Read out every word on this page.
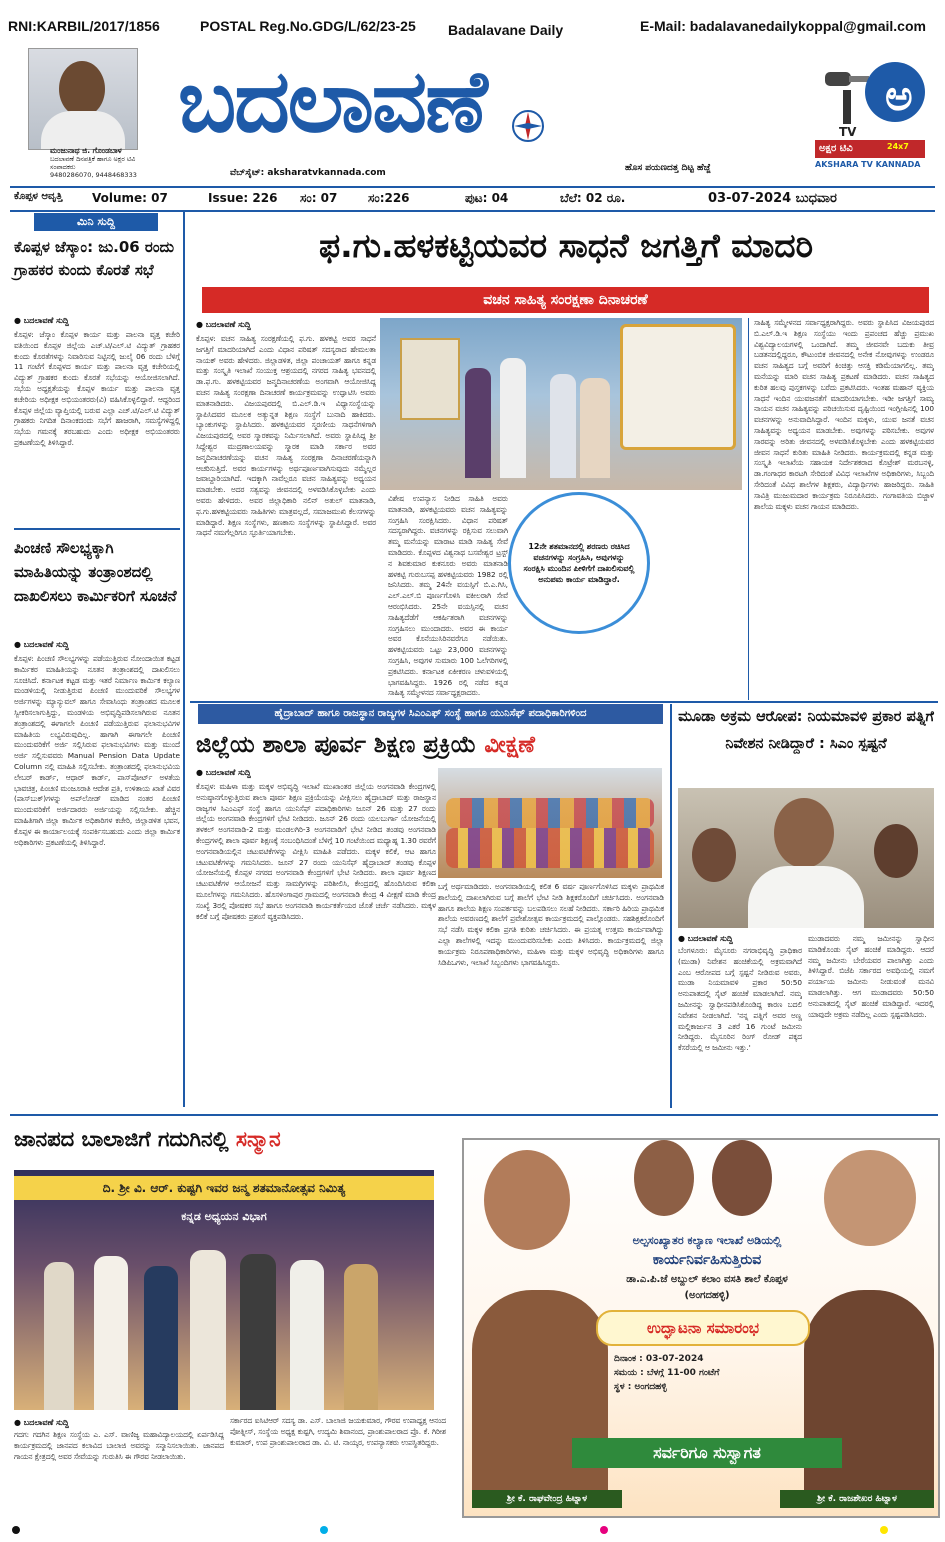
RNI:KARBIL/2017/1856	POSTAL Reg.No.GDG/L/62/23-25 Badalavane Daily	E-Mail: badalavanedailykoppal@gmail.com
ಮಂಜುನಾಥ ಜಿ. ಗೊಂಡಬಾಳ
ಬದಲಾವಣೆ ದಿನಪತ್ರಿಕೆ ಹಾಗೂ ಅಕ್ಷರ ಟಿವಿ ಸಂಪಾದಕರು
9480286070, 9448468333
ಬದಲಾವಣೆ
ವೆಬ್‌ಸೈಟ್: aksharatvkannada.com	ಹೊಸ ಪಯಣದತ್ತ ದಿಟ್ಟ ಹೆಜ್ಜೆ
ಅ
TV
ಅಕ್ಷರ ಟಿವಿ	24x7
AKSHARA TV KANNADA
ಕೊಪ್ಪಳ ಆವೃತ್ತಿ Volume: 07	Issue: 226 ಸಂ: 07	ಸಂ:226	ಪುಟ: 04	ಬೆಲೆ: 02 ರೂ.	03-07-2024 ಬುಧವಾರ
ಮಿನಿ ಸುದ್ದಿ
ಕೊಪ್ಪಳ ಜೆಸ್ಕಾಂ: ಜು.06 ರಂದು ಗ್ರಾಹಕರ ಕುಂದು ಕೊರತೆ ಸಭೆ
● ಬದಲಾವಣೆ ಸುದ್ದಿ
ಕೊಪ್ಪಳ: ಜೆಸ್ಕಾಂ ಕೊಪ್ಪಳ ಕಾರ್ಯ ಮತ್ತು ಪಾಲನಾ ವೃತ್ತ ಕಚೇರಿ ವತಿಯಿಂದ ಕೊಪ್ಪಳ ಜಿಲ್ಲೆಯ ಎಚ್.ಟಿ/ಎಲ್.ಟಿ ವಿದ್ಯುತ್ ಗ್ರಾಹಕರ ಕುಂದು ಕೊರತೆಗಳನ್ನು ನಿವಾರಿಸುವ ನಿಟ್ಟಿನಲ್ಲಿ ಜುಲೈ 06 ರಂದು ಬೆಳಿಗ್ಗೆ 11 ಗಂಟೆಗೆ ಕೊಪ್ಪಳದ ಕಾರ್ಯ ಮತ್ತು ಪಾಲನಾ ವೃತ್ತ ಕಚೇರಿಯಲ್ಲಿ ವಿದ್ಯುತ್ ಗ್ರಾಹಕರ ಕುಂದು ಕೊರತೆ ಸಭೆಯನ್ನು ಆಯೋಜಿಸಲಾಗಿದೆ. ಸಭೆಯ ಅಧ್ಯಕ್ಷತೆಯನ್ನು ಕೊಪ್ಪಳ ಕಾರ್ಯ ಮತ್ತು ಪಾಲನಾ ವೃತ್ತ ಕಚೇರಿಯ ಅಧೀಕ್ಷಕ ಅಭಿಯಂತರರು(ವಿ) ವಹಿಸಿಕೊಳ್ಳಲಿದ್ದಾರೆ. ಆದ್ದರಿಂದ ಕೊಪ್ಪಳ ಜಿಲ್ಲೆಯ ವ್ಯಾಪ್ತಿಯಲ್ಲಿ ಬರುವ ಎಲ್ಲಾ ಎಚ್.ಟಿ/ಎಲ್.ಟಿ ವಿದ್ಯುತ್ ಗ್ರಾಹಕರು ನಿಗದಿತ ದಿನಾಂಕದಂದು ಸಭೆಗೆ ಹಾಜರಾಗಿ, ಸಮಸ್ಯೆಗಳಿದ್ದಲ್ಲಿ ಸಭೆಯ ಗಮನಕ್ಕೆ ತರಬಹುದು ಎಂದು ಅಧೀಕ್ಷಕ ಅಭಿಯಂತರರು ಪ್ರಕಟಣೆಯಲ್ಲಿ ತಿಳಿಸಿದ್ದಾರೆ.
ಪಿಂಚಣಿ ಸೌಲಭ್ಯಕ್ಕಾಗಿ ಮಾಹಿತಿಯನ್ನು ತಂತ್ರಾಂಶದಲ್ಲಿ ದಾಖಲಿಸಲು ಕಾರ್ಮಿಕರಿಗೆ ಸೂಚನೆ
● ಬದಲಾವಣೆ ಸುದ್ದಿ
ಕೊಪ್ಪಳ: ಪಿಂಚಣಿ ಸೌಲಭ್ಯಗಳನ್ನು ಪಡೆಯುತ್ತಿರುವ ನೋಂದಾಯಿತ ಕಟ್ಟಡ ಕಾರ್ಮಿಕರ ಮಾಹಿತಿಯನ್ನು ನೂತನ ತಂತ್ರಾಂಶದಲ್ಲಿ ದಾಖಲಿಸಲು ಸೂಚಿಸಿದೆ. ಕರ್ನಾಟಕ ಕಟ್ಟಡ ಮತ್ತು ಇತರೆ ನಿರ್ಮಾಣ ಕಾರ್ಮಿಕ ಕಲ್ಯಾಣ ಮಂಡಳಿಯಲ್ಲಿ ನೀಡುತ್ತಿರುವ ಪಿಂಚಣಿ ಮುಂದುವರಿಕೆ ಸೌಲಭ್ಯಗಳ ಅರ್ಜಿಗಳನ್ನು ಮ್ಯಾನ್ಯುವಲ್ ಹಾಗೂ ಸೇವಾಸಿಂಧು ತಂತ್ರಾಂಶದ ಮೂಲಕ ಸ್ವೀಕರಿಸಲಾಗುತ್ತಿದ್ದು, ಮಂಡಳಿಯ ಅಭಿವೃದ್ಧಿಪಡಿಸಲಾಗಿರುವ ನೂತನ ತಂತ್ರಾಂಶದಲ್ಲಿ ಈಗಾಗಲೇ ಪಿಂಚಣಿ ಪಡೆಯುತ್ತಿರುವ ಫಲಾನುಭವಿಗಳ ಮಾಹಿತಿಯ ಲಭ್ಯವಿರುವುದಿಲ್ಲ. ಹಾಗಾಗಿ ಈಗಾಗಲೇ ಪಿಂಚಣಿ ಮುಂದುವರಿಕೆಗೆ ಅರ್ಜಿ ಸಲ್ಲಿಸಿರುವ ಫಲಾನುಭವಿಗಳು ಮತ್ತು ಮುಂದೆ ಅರ್ಜಿ ಸಲ್ಲಿಸುವವರು Manual Pension Data Update Column ನಲ್ಲಿ ಮಾಹಿತಿ ಸಲ್ಲಿಸಬೇಕು. ತಂತ್ರಾಂಶದಲ್ಲಿ ಫಲಾನುಭವಿಯ ಲೇಬರ್ ಕಾರ್ಡ್, ಆಧಾರ್ ಕಾರ್ಡ್, ಪಾಸ್‌ಪೋರ್ಟ್ ಅಳತೆಯ ಭಾವಚಿತ್ರ, ಪಿಂಚಣಿ ಮಂಜೂರಾತಿ ಆದೇಶ ಪ್ರತಿ, ಉಳಿತಾಯ ಖಾತೆ ವಿವರ (ಪಾಸ್‌ಬುಕ್)ಗಳನ್ನು ಅಪ್‌ಲೋಡ್ ಮಾಡಿದ ನಂತರ ಪಿಂಚಣಿ ಮುಂದುವರಿಕೆಗೆ ಅರ್ಜಿದಾರರು ಅರ್ಜಿಯನ್ನು ಸಲ್ಲಿಸಬೇಕು. ಹೆಚ್ಚಿನ ಮಾಹಿತಿಗಾಗಿ ಜಿಲ್ಲಾ ಕಾರ್ಮಿಕ ಅಧಿಕಾರಿಗಳ ಕಚೇರಿ, ಜಿಲ್ಲಾಡಳಿತ ಭವನ, ಕೊಪ್ಪಳ ಈ ಕಾರ್ಯಾಲಯಕ್ಕೆ ಸಂಪರ್ಕಿಸಬಹುದು ಎಂದು ಜಿಲ್ಲಾ ಕಾರ್ಮಿಕ ಅಧಿಕಾರಿಗಳು ಪ್ರಕಟಣೆಯಲ್ಲಿ ತಿಳಿಸಿದ್ದಾರೆ.
ಫ.ಗು.ಹಳಕಟ್ಟಿಯವರ ಸಾಧನೆ ಜಗತ್ತಿಗೆ ಮಾದರಿ
ವಚನ ಸಾಹಿತ್ಯ ಸಂರಕ್ಷಣಾ ದಿನಾಚರಣೆ
● ಬದಲಾವಣೆ ಸುದ್ದಿ
ಕೊಪ್ಪಳ: ವಚನ ಸಾಹಿತ್ಯ ಸಂರಕ್ಷಣೆಯಲ್ಲಿ ಫ.ಗು. ಹಳಕಟ್ಟಿ ಅವರ ಸಾಧನೆ ಜಗತ್ತಿಗೆ ಮಾದರಿಯಾಗಿದೆ ಎಂದು ವಿಧಾನ ಪರಿಷತ್ ಸದಸ್ಯರಾದ ಹೇಮಲತಾ ನಾಯಕ್ ಅವರು ಹೇಳಿದರು. ಜಿಲ್ಲಾಡಳಿತ, ಜಿಲ್ಲಾ ಪಂಚಾಯತ್ ಹಾಗೂ ಕನ್ನಡ ಮತ್ತು ಸಂಸ್ಕೃತಿ ಇಲಾಖೆ ಸಂಯುಕ್ತ ಆಶ್ರಯದಲ್ಲಿ ನಗರದ ಸಾಹಿತ್ಯ ಭವನದಲ್ಲಿ ಡಾ.ಫ.ಗು. ಹಳಕಟ್ಟಿಯವರ ಜನ್ಮದಿನಾಚರಣೆಯ ಅಂಗವಾಗಿ ಆಯೋಜಿಸಿದ್ದ ವಚನ ಸಾಹಿತ್ಯ ಸಂರಕ್ಷಣಾ ದಿನಾಚರಣೆ ಕಾರ್ಯಕ್ರಮವನ್ನು ಉದ್ಘಾಟಿಸಿ ಅವರು ಮಾತನಾಡಿದರು. ವಿಜಯಪುರದಲ್ಲಿ ಬಿ.ಎಲ್.ಡಿ.ಇ ವಿಧ್ಯಾಸಂಸ್ಥೆಯನ್ನು ಸ್ಥಾಪಿಸಿದವರ ಮೂಲಕ ಅತ್ಯುನ್ನತ ಶಿಕ್ಷಣ ಸಂಸ್ಥೆಗೆ ಬುನಾದಿ ಹಾಕಿದರು. ಬ್ಯಾಂಕುಗಳನ್ನು ಸ್ಥಾಪಿಸಿದರು. ಹಳಕಟ್ಟಿಯವರ ಸ್ಮರಣೀಯ ಸಾಧನೆಗಳಿಗಾಗಿ ವಿಜಯಪುರದಲ್ಲಿ ಅವರ ಸ್ಮಾರಕವನ್ನು ನಿರ್ಮಿಸಲಾಗಿದೆ. ಅವರು ಸ್ಥಾಪಿಸಿದ್ದ ಶ್ರೀ ಸಿದ್ದೇಶ್ವರ ಮುದ್ರಣಾಲಯವನ್ನು ಸ್ಮಾರಕ ಮಾಡಿ ಸರ್ಕಾರ ಅವರ ಜನ್ಮದಿನಾಚರಣೆಯನ್ನು ವಚನ ಸಾಹಿತ್ಯ ಸಂರಕ್ಷಣಾ ದಿನಾಚರಣೆಯನ್ನಾಗಿ ಆಚರಿಸುತ್ತಿದೆ. ಅವರ ಕಾರ್ಯಗಳನ್ನು ಅರ್ಥಪೂರ್ಣವಾಗಿಸುವುದು ನಮ್ಮೆಲ್ಲರ ಜವಾಬ್ದಾರಿಯಾಗಿದೆ. ಇದಕ್ಕಾಗಿ ನಾವೆಲ್ಲರೂ ವಚನ ಸಾಹಿತ್ಯವನ್ನು ಅಧ್ಯಯನ ಮಾಡಬೇಕು. ಅದರ ಸತ್ವವನ್ನು ಜೀವನದಲ್ಲಿ ಅಳವಡಿಸಿಕೊಳ್ಳಬೇಕು ಎಂದು ಅವರು ಹೇಳಿದರು. ಅವರ ಜಿಲ್ಲಾಧಿಕಾರಿ ನಲಿನ್ ಅತುಲ್ ಮಾತನಾಡಿ, ಫ.ಗು.ಹಳಕಟ್ಟಿಯವರು ಸಾಹಿತಿಗಳು ಮಾತ್ರವಲ್ಲದೆ, ಸಮಾಜಮುಖಿ ಕೆಲಸಗಳನ್ನು ಮಾಡಿದ್ದಾರೆ. ಶಿಕ್ಷಣ ಸಂಸ್ಥೆಗಳು, ಹಣಕಾಸು ಸಂಸ್ಥೆಗಳನ್ನು ಸ್ಥಾಪಿಸಿದ್ದಾರೆ. ಅವರ ಸಾಧನೆ ನಮಗೆಲ್ಲರಿಗೂ ಸ್ಫೂರ್ತಿಯಾಗಬೇಕು.
ವಿಶೇಷ ಉಪನ್ಯಾಸ ನೀಡಿದ ಸಾಹಿತಿ ಅವರು ಮಾತನಾಡಿ, ಹಳಕಟ್ಟಿಯವರು ವಚನ ಸಾಹಿತ್ಯವನ್ನು ಸಂಗ್ರಹಿಸಿ ಸಂರಕ್ಷಿಸಿದರು. ವಿಧಾನ ಪರಿಷತ್ ಸದಸ್ಯರಾಗಿದ್ದರು. ವಚನಗಳನ್ನು ರಕ್ಷಿಸುವ ಸಲುವಾಗಿ ತಮ್ಮ ಮನೆಯನ್ನು ಮಾರಾಟ ಮಾಡಿ ಸಾಹಿತ್ಯ ಸೇವೆ ಮಾಡಿದರು. ಕೊಪ್ಪಳದ ವಿಶ್ವನಾಥ ಬಸವೇಶ್ವರ ಟ್ರಸ್ಟ್ ನ ಶಿವಕುಮಾರ ಕುಕನೂರು ಅವರು ಮಾತನಾಡಿ ಹಳಕಟ್ಟಿ ಗುರುಬಸಪ್ಪ ಹಳಕಟ್ಟಿಯವರು 1982 ರಲ್ಲಿ ಜನಿಸಿದರು. ತಮ್ಮ 24ನೇ ವಯಸ್ಸಿಗೆ ಬಿ.ಎ.ಗಿಸಿ, ಎಲ್.ಎಲ್.ಬಿ ಪೂರ್ಣಗೊಳಿಸಿ ವಕೀಲರಾಗಿ ಸೇವೆ ಆರಂಭಿಸಿದರು. 25ನೇ ವಯಸ್ಸಿನಲ್ಲಿ ವಚನ ಸಾಹಿತ್ಯದೆಡೆಗೆ ಆಕರ್ಷಿತರಾಗಿ ವಚನಗಳನ್ನು ಸಂಗ್ರಹಿಸಲು ಮುಂದಾದರು. ಅವರ ಈ ಕಾರ್ಯ ಅವರ ಕೊನೆಯುಸಿರಿನವರೆಗೂ ನಡೆಯಿತು. ಹಳಕಟ್ಟಿಯವರು ಒಟ್ಟು 23,000 ವಚನಗಳನ್ನು ಸಂಗ್ರಹಿಸಿ, ಅವುಗಳ ಸುಮಾರು 100 ಓಲೆಗರಿಗಳಲ್ಲಿ ಪ್ರಕಟಿಸಿದರು. ಕರ್ನಾಟಕ ಏಕೀಕರಣ ಚಳುವಳಿಯಲ್ಲಿ ಭಾಗವಹಿಸಿದ್ದರು. 1926 ರಲ್ಲಿ ನಡೆದ ಕನ್ನಡ ಸಾಹಿತ್ಯ ಸಮ್ಮೇಳನದ ಸರ್ವಾಧ್ಯಕ್ಷರಾದರು.
12ನೇ ಶತಮಾನದಲ್ಲಿ ಶರಣರು ರಚಿಸಿದ ವಚನಗಳನ್ನು ಸಂಗ್ರಹಿಸಿ, ಅವುಗಳನ್ನು ಸಂರಕ್ಷಿಸಿ ಮುಂದಿನ ಪೀಳಿಗೆಗೆ ದಾಖಲಿಸುವಲ್ಲಿ ಅನುಪಮ ಕಾರ್ಯ ಮಾಡಿದ್ದಾರೆ.
ಸಾಹಿತ್ಯ ಸಮ್ಮೇಳನದ ಸರ್ವಾಧ್ಯಕ್ಷರಾಗಿದ್ದರು. ಅವರು ಸ್ಥಾಪಿಸಿದ ವಿಜಯಪುರದ ಬಿ.ಎಲ್.ಡಿ.ಇ ಶಿಕ್ಷಣ ಸಂಸ್ಥೆಯು ಇಂದು ಪ್ರಪಂಚದ ಹೆಚ್ಚು ಪ್ರಮುಖ ವಿಶ್ವವಿದ್ಯಾಲಯಗಳಲ್ಲಿ ಒಂದಾಗಿದೆ. ತಮ್ಮ ಜೀವನವೇ ಬದುಕು ತೀವ್ರ ಬಡತನದಲ್ಲಿದ್ದರೂ, ಕೌಟುಂಬಿಕ ಜೀವನದಲ್ಲಿ ಅನೇಕ ನೋವುಗಳನ್ನು ಉಂಡರೂ ವಚನ ಸಾಹಿತ್ಯದ ಬಗ್ಗೆ ಅವರಿಗೆ ಕಿಂಚಿತ್ತು ಆಸಕ್ತಿ ಕಡಿಮೆಯಾಗಲಿಲ್ಲ. ತಮ್ಮ ಮನೆಯನ್ನು ಮಾರಿ ವಚನ ಸಾಹಿತ್ಯ ಪ್ರಕಟಣೆ ಮಾಡಿದರು. ವಚನ ಸಾಹಿತ್ಯದ ಕುರಿತ ಹಲವು ಪುಸ್ತಕಗಳನ್ನು ಬರೆದು ಪ್ರಕಟಿಸಿದರು. ಇಂತಹ ಮಹಾನ್ ವ್ಯಕ್ತಿಯ ಸಾಧನೆ ಇಂದಿನ ಯುವಜನತೆಗೆ ಮಾದರಿಯಾಗಬೇಕು. ಇಡೀ ಜಗತ್ತಿಗೆ ಸಾಮ್ಯ ನಾಯನ ವಚನ ಸಾಹಿತ್ಯವನ್ನು ಪರಿಚಯಿಸುವ ದೃಷ್ಟಿಯಿಂದ ಇಂಗ್ಲೀಷಿನಲ್ಲಿ 100 ವಚನಗಳನ್ನು ಅನುವಾದಿಸಿದ್ದಾರೆ. ಇಂದಿನ ಮಕ್ಕಳು, ಯುವ ಜನತೆ ವಚನ ಸಾಹಿತ್ಯವನ್ನು ಅಧ್ಯಯನ ಮಾಡಬೇಕು. ಅವುಗಳನ್ನು ಪಠಿಸಬೇಕು. ಅವುಗಳ ಸಾರವನ್ನು ಅರಿತು ಜೀವನದಲ್ಲಿ ಅಳವಡಿಸಿಕೊಳ್ಳಬೇಕು ಎಂದು ಹಳಕಟ್ಟಿಯವರ ಜೀವನ ಸಾಧನೆ ಕುರಿತು ಮಾಹಿತಿ ನೀಡಿದರು. ಕಾರ್ಯಕ್ರಮದಲ್ಲಿ ಕನ್ನಡ ಮತ್ತು ಸಂಸ್ಕೃತಿ ಇಲಾಖೆಯ ಸಹಾಯಕ ನಿರ್ದೇಶಕರಾದ ಕೊಟ್ರೇಶ್ ಮರಬನಳ್ಳಿ, ಡಾ.ಗಂಗಾಧರ ಕಾರಟಗಿ ಸೇರಿದಂತೆ ವಿವಿಧ ಇಲಾಖೆಗಳ ಅಧಿಕಾರಿಗಳು, ಸಿಬ್ಬಂದಿ ಸೇರಿದಂತೆ ವಿವಿಧ ಶಾಲೆಗಳ ಶಿಕ್ಷಕರು, ವಿದ್ಯಾರ್ಥಿಗಳು ಹಾಜರಿದ್ದರು. ಸಾಹಿತಿ ಸಾವಿತ್ರಿ ಮುಜುಮದಾರ ಕಾರ್ಯಕ್ರಮ ನಿರೂಪಿಸಿದರು. ಗಂಗಾವತಿಯ ಬಿಜ್ಜಾಳ ಶಾಲೆಯ ಮಕ್ಕಳು ವಚನ ಗಾಯನ ಮಾಡಿದರು.
ಹೈದ್ರಾಬಾದ್ ಹಾಗೂ ರಾಜಸ್ಥಾನ ರಾಜ್ಯಗಳ ಸಿಎಂಎಫ್ ಸಂಸ್ಥೆ ಹಾಗೂ ಯುನಿಸೆಫ್ ಪದಾಧಿಕಾರಿಗಳಿಂದ
ಜಿಲ್ಲೆಯ ಶಾಲಾ ಪೂರ್ವ ಶಿಕ್ಷಣ ಪ್ರಕ್ರಿಯೆ ವೀಕ್ಷಣೆ
● ಬದಲಾವಣೆ ಸುದ್ದಿ
ಕೊಪ್ಪಳ: ಮಹಿಳಾ ಮತ್ತು ಮಕ್ಕಳ ಅಭಿವೃದ್ಧಿ ಇಲಾಖೆ ಮುಖಾಂತರ ಜಿಲ್ಲೆಯ ಅಂಗನವಾಡಿ ಕೇಂದ್ರಗಳಲ್ಲಿ ಅನುಷ್ಠಾನಗೊಳ್ಳುತ್ತಿರುವ ಶಾಲಾ ಪೂರ್ವ ಶಿಕ್ಷಣ ಪ್ರಕ್ರಿಯೆಯನ್ನು ವೀಕ್ಷಿಸಲು ಹೈದ್ರಾಬಾದ್ ಮತ್ತು ರಾಜಸ್ಥಾನ ರಾಜ್ಯಗಳ ಸಿಎಂಎಫ್ ಸಂಸ್ಥೆ ಹಾಗೂ ಯುನಿಸೆಫ್ ಪದಾಧಿಕಾರಿಗಳು ಜೂನ್ 26 ಮತ್ತು 27 ರಂದು ಜಿಲ್ಲೆಯ ಅಂಗನವಾಡಿ ಕೇಂದ್ರಗಳಿಗೆ ಭೇಟಿ ನೀಡಿದರು. ಜೂನ್ 26 ರಂದು ಯಲಬುರ್ಗಾ ಯೋಜನೆಯಲ್ಲಿ ತಳಕಲ್ ಅಂಗನವಾಡಿ-2 ಮತ್ತು ಮಂಡಲಗಿರಿ-3 ಅಂಗನವಾಡಿಗೆ ಭೇಟಿ ನೀಡಿದ ತಂಡವು ಅಂಗನವಾಡಿ ಕೇಂದ್ರಗಳಲ್ಲಿ ಶಾಲಾ ಪೂರ್ವ ಶಿಕ್ಷಣಕ್ಕೆ ಸಂಬಂಧಿಸಿದಂತೆ ಬೆಳಿಗ್ಗೆ 10 ಗಂಟೆಯಿಂದ ಮಧ್ಯಾಹ್ನ 1.30 ರವರೆಗೆ ಅಂಗನವಾಡಿಯಲ್ಲಿನ ಚಟುವಟಿಕೆಗಳನ್ನು ವೀಕ್ಷಿಸಿ ಮಾಹಿತಿ ಪಡೆದರು. ಮಕ್ಕಳ ಕಲಿಕೆ, ಆಟ ಹಾಗೂ ಚಟುವಟಿಕೆಗಳನ್ನು ಗಮನಿಸಿದರು. ಜೂನ್ 27 ರಂದು ಯುನಿಸೆಫ್ ಹೈದ್ರಾಬಾದ್ ತಂಡವು ಕೊಪ್ಪಳ ಯೋಜನೆಯಲ್ಲಿ ಕೊಪ್ಪಳ ನಗರದ ಅಂಗನವಾಡಿ ಕೇಂದ್ರಗಳಿಗೆ ಭೇಟಿ ನೀಡಿದರು. ಶಾಲಾ ಪೂರ್ವ ಶಿಕ್ಷಣದ ಚಟುವಟಿಕೆಗಳ ಆಯೋಜನೆ ಮತ್ತು ಸಾಮಗ್ರಿಗಳನ್ನು ಪರಿಶೀಲಿಸಿ, ಕೇಂದ್ರದಲ್ಲಿ ಹೊಂದಿಸಿರುವ ಕಲಿಕಾ ಮೂಲೆಗಳನ್ನು ಗಮನಿಸಿದರು. ಹೊಸಳಿಂಗಾಪುರ ಗ್ರಾಮದಲ್ಲಿ ಅಂಗನವಾಡಿ ಕೇಂದ್ರ 4 ವೀಕ್ಷಣೆ ಮಾಡಿ ಕೇಂದ್ರ ಸಂಖ್ಯೆ 3ರಲ್ಲಿ ಪೋಷಕರ ಸಭೆ ಹಾಗೂ ಅಂಗನವಾಡಿ ಕಾರ್ಯಕರ್ತೆಯರ ಜೊತೆ ಚರ್ಚೆ ನಡೆಸಿದರು. ಮಕ್ಕಳ ಕಲಿಕೆ ಬಗ್ಗೆ ಪೋಷಕರು ಪ್ರಶಂಸೆ ವ್ಯಕ್ತಪಡಿಸಿದರು.
ಬಗ್ಗೆ ಅರ್ಥಮಾಡಿದರು. ಅಂಗನವಾಡಿಯಲ್ಲಿ ಕಲಿತ 6 ವರ್ಷ ಪೂರ್ಣಗೊಳಿಸಿದ ಮಕ್ಕಳು ಪ್ರಾಥಮಿಕ ಶಾಲೆಯಲ್ಲಿ ದಾಖಲಾಗಿರುವ ಬಗ್ಗೆ ಶಾಲೆಗೆ ಭೇಟಿ ನೀಡಿ ಶಿಕ್ಷಕರೊಂದಿಗೆ ಚರ್ಚಿಸಿದರು. ಅಂಗನವಾಡಿ ಹಾಗೂ ಶಾಲೆಯ ಶಿಕ್ಷಣ ಸಂಪರ್ಕವನ್ನು ಬಲಪಡಿಸಲು ಸಲಹೆ ನೀಡಿದರು. ಸರ್ಕಾರಿ ಹಿರಿಯ ಪ್ರಾಥಮಿಕ ಶಾಲೆಯ ಅವರಣದಲ್ಲಿ ಶಾಲೆಗೆ ಪ್ರವೇಶೋತ್ಸವ ಕಾರ್ಯಕ್ರಮದಲ್ಲಿ ಪಾಲ್ಗೊಂಡರು. ಸಹಶಿಕ್ಷಕರೊಂದಿಗೆ ಸಭೆ ನಡೆಸಿ ಮಕ್ಕಳ ಕಲಿಕಾ ಪ್ರಗತಿ ಕುರಿತು ಚರ್ಚಿಸಿದರು. ಈ ಪ್ರಯತ್ನ ಉತ್ತಮ ಕಾರ್ಯವಾಗಿದ್ದು ಎಲ್ಲಾ ಶಾಲೆಗಳಲ್ಲಿ ಇದನ್ನು ಮುಂದುವರಿಸಬೇಕು ಎಂದು ತಿಳಿಸಿದರು. ಕಾರ್ಯಕ್ರಮದಲ್ಲಿ ಜಿಲ್ಲಾ ಕಾರ್ಯಕ್ರಮ ನಿರೂಪಣಾಧಿಕಾರಿಗಳು, ಮಹಿಳಾ ಮತ್ತು ಮಕ್ಕಳ ಅಭಿವೃದ್ಧಿ ಅಧಿಕಾರಿಗಳು ಹಾಗೂ ಸಿಡಿಪಿಒಗಳು, ಇಲಾಖೆ ಸಿಬ್ಬಂದಿಗಳು ಭಾಗವಹಿಸಿದ್ದರು.
ಮೂಡಾ ಅಕ್ರಮ ಆರೋಪ: ನಿಯಮಾವಳಿ ಪ್ರಕಾರ ಪತ್ನಿಗೆ ನಿವೇಶನ ನೀಡಿದ್ದಾರೆ : ಸಿಎಂ ಸ್ಪಷ್ಟನೆ
● ಬದಲಾವಣೆ ಸುದ್ದಿ
ಬೆಂಗಳೂರು: ಮೈಸೂರು ನಗರಾಭಿವೃದ್ಧಿ ಪ್ರಾಧಿಕಾರ (ಮುಡಾ) ನಿವೇಶನ ಹಂಚಿಕೆಯಲ್ಲಿ ಅಕ್ರಮವಾಗಿದೆ ಎಂಬ ಆರೋಪದ ಬಗ್ಗೆ ಸ್ಪಷ್ಟನೆ ನೀಡಿರುವ ಅವರು, ಮುಡಾ ನಿಯಮಾವಳಿ ಪ್ರಕಾರ 50:50 ಅನುಪಾತದಲ್ಲಿ ಸೈಟ್ ಹಂಚಿಕೆ ಮಾಡಲಾಗಿದೆ. ನಮ್ಮ ಜಮೀನನ್ನು ಸ್ವಾಧೀನಪಡಿಸಿಕೊಂಡಿದ್ದ ಕಾರಣ ಬದಲಿ ನಿವೇಶನ ನೀಡಲಾಗಿದೆ. 'ನನ್ನ ಪತ್ನಿಗೆ ಅವರ ಅಣ್ಣ ಮಲ್ಲಿಕಾರ್ಜುನ 3 ಎಕರೆ 16 ಗುಂಟೆ ಜಮೀನು ನೀಡಿದ್ದರು. ಮೈಸೂರಿನ ರಿಂಗ್ ರೋಡ್ ಪಕ್ಕದ ಕೆಸರೆಯಲ್ಲಿ ಆ ಜಮೀನು ಇತ್ತು.'
ಮುಡಾದವರು ನಮ್ಮ ಜಮೀನನ್ನು ಸ್ವಾಧೀನ ಮಾಡಿಕೊಂಡು ಸೈಟ್ ಹಂಚಿಕೆ ಮಾಡಿದ್ದರು. ಆದರೆ ನಮ್ಮ ಜಮೀನು ಬೇರೆಯವರ ಪಾಲಾಗಿತ್ತು ಎಂದು ತಿಳಿಸಿದ್ದಾರೆ. ಬಿಜೆಪಿ ಸರ್ಕಾರದ ಅವಧಿಯಲ್ಲಿ ನಮಗೆ ಪರ್ಯಾಯ ಜಮೀನು ನೀಡುವಂತೆ ಮನವಿ ಮಾಡಲಾಗಿತ್ತು. ಆಗ ಮುಡಾದವರು 50:50 ಅನುಪಾತದಲ್ಲಿ ಸೈಟ್ ಹಂಚಿಕೆ ಮಾಡಿದ್ದಾರೆ. ಇದರಲ್ಲಿ ಯಾವುದೇ ಅಕ್ರಮ ನಡೆದಿಲ್ಲ ಎಂದು ಸ್ಪಷ್ಟಪಡಿಸಿದರು.
ಜಾನಪದ ಬಾಲಾಜಿಗೆ ಗದುಗಿನಲ್ಲಿ ಸನ್ಮಾನ
ದಿ. ಶ್ರೀ ವಿ. ಆರ್. ಕುಷ್ಟಗಿ ಇವರ ಜನ್ಮ ಶತಮಾನೋತ್ಸವ ನಿಮಿತ್ಯ
ಕನ್ನಡ ಅಧ್ಯಯನ ವಿಭಾಗ
● ಬದಲಾವಣೆ ಸುದ್ದಿ
ಗದಗ: ಗದಗಿನ ಶಿಕ್ಷಣ ಸಂಸ್ಥೆಯ ಎ. ಎಸ್. ವಾಣಿಜ್ಯ ಮಹಾವಿದ್ಯಾಲಯದಲ್ಲಿ ಏರ್ಪಡಿಸಿದ್ದ ಕಾರ್ಯಕ್ರಮದಲ್ಲಿ ಜಾನಪದ ಕಲಾವಿದ ಬಾಲಾಜಿ ಅವರನ್ನು ಸನ್ಮಾನಿಸಲಾಯಿತು. ಜಾನಪದ ಗಾಯನ ಕ್ಷೇತ್ರದಲ್ಲಿ ಅವರ ಸೇವೆಯನ್ನು ಗುರುತಿಸಿ ಈ ಗೌರವ ನೀಡಲಾಯಿತು.
ಸರ್ಕಾರದ ಐಸಿಟಿಆರ್ ಸದಸ್ಯ ಡಾ. ಎಸ್. ಬಾಲಾಜಿ ಜಯಕುಮಾರ, ಗೌರವ ಉಪಾಧ್ಯಕ್ಷ ಆನಂದ ಪೋತ್ನೀಸ್, ಸಂಸ್ಥೆಯ ಅಧ್ಯಕ್ಷ ಕುಷ್ಟಗಿ, ಉದ್ಯಮಿ ಶಿವಾನಂದ, ಪ್ರಾಂಶುಪಾಲರಾದ ಪ್ರೊ. ಕೆ. ಗಿರೀಶ ಕುಮಾರ್, ಉಪ ಪ್ರಾಂಶುಪಾಲರಾದ ಡಾ. ವಿ. ಟಿ. ನಾಯ್ಕರ, ಉಪನ್ಯಾಸಕರು ಉಪಸ್ಥಿತರಿದ್ದರು.
ಅಲ್ಪಸಂಖ್ಯಾತರ ಕಲ್ಯಾಣ ಇಲಾಖೆ ಅಡಿಯಲ್ಲಿ
ಕಾರ್ಯನಿರ್ವಹಿಸುತ್ತಿರುವ
ಡಾ.ಎ.ಪಿ.ಜೆ ಅಬ್ದುಲ್ ಕಲಾಂ ವಸತಿ ಶಾಲೆ ಕೊಪ್ಪಳ
(ಅಂಗದಹಳ್ಳಿ)
ಉದ್ಘಾಟನಾ ಸಮಾರಂಭ
ದಿನಾಂಕ : 03-07-2024
ಸಮಯ : ಬೆಳಗ್ಗೆ 11-00 ಗಂಟೆಗೆ
ಸ್ಥಳ : ಅಂಗದಹಳ್ಳಿ
ಸರ್ವರಿಗೂ ಸುಸ್ವಾಗತ
ಶ್ರೀ ಕೆ. ರಾಘವೇಂದ್ರ ಹಿಟ್ನಾಳ	ಶ್ರೀ ಕೆ. ರಾಜಶೇಖರ ಹಿಟ್ನಾಳ
